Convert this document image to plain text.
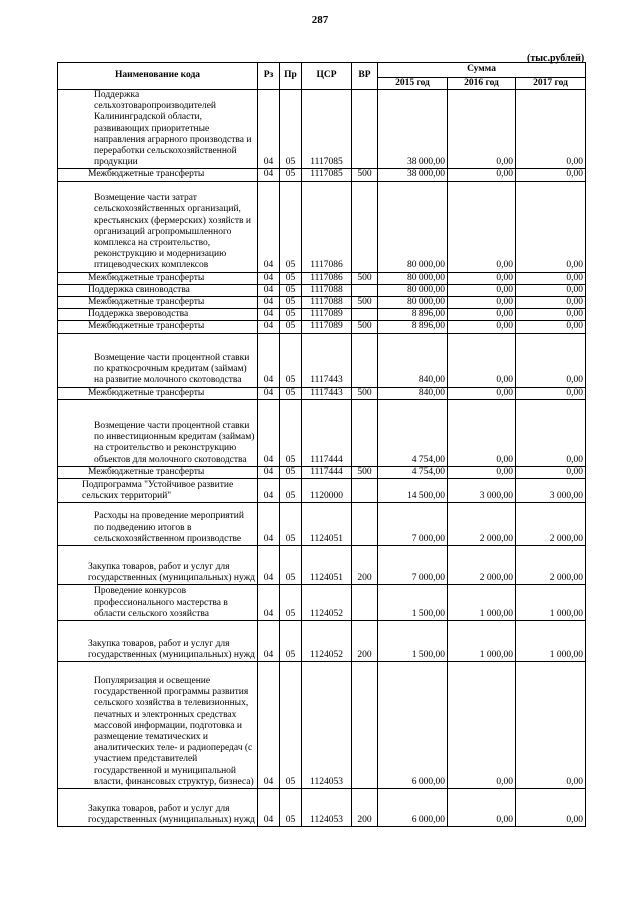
287
(тыс.рублей)
Наименование кода	Рз	Пр	ЦСР	ВР	Сумма		
					2015 год	2016 год	2017 год
Поддержка сельхозтоваропроизводителей Калининградской области, развивающих приоритетные направления аграрного производства и переработки сельскохозяйственной продукции	04	05	1117085		38 000,00	0,00	0,00
Межбюджетные трансферты	04	05	1117085	500	38 000,00	0,00	0,00
Возмещение части затрат сельскохозяйственных организаций, крестьянских (фермерских) хозяйств и организаций агропромышленного комплекса на строительство, реконструкцию и модернизацию птицеводческих комплексов	04	05	1117086		80 000,00	0,00	0,00
Межбюджетные трансферты	04	05	1117086	500	80 000,00	0,00	0,00
Поддержка свиноводства	04	05	1117088		80 000,00	0,00	0,00
Межбюджетные трансферты	04	05	1117088	500	80 000,00	0,00	0,00
Поддержка звероводства	04	05	1117089		8 896,00	0,00	0,00
Межбюджетные трансферты	04	05	1117089	500	8 896,00	0,00	0,00
Возмещение части процентной ставки по краткосрочным кредитам (займам) на развитие молочного скотоводства	04	05	1117443		840,00	0,00	0,00
Межбюджетные трансферты	04	05	1117443	500	840,00	0,00	0,00
Возмещение части процентной ставки по инвестиционным кредитам (займам) на строительство и реконструкцию объектов для молочного скотоводства	04	05	1117444		4 754,00	0,00	0,00
Межбюджетные трансферты	04	05	1117444	500	4 754,00	0,00	0,00
Подпрограмма "Устойчивое развитие сельских территорий"	04	05	1120000		14 500,00	3 000,00	3 000,00
Расходы на проведение мероприятий по подведению итогов в сельскохозяйственном производстве	04	05	1124051		7 000,00	2 000,00	2 000,00
Закупка товаров, работ и услуг для государственных (муниципальных) нужд	04	05	1124051	200	7 000,00	2 000,00	2 000,00
Проведение конкурсов профессионального мастерства в области сельского хозяйства	04	05	1124052		1 500,00	1 000,00	1 000,00
Закупка товаров, работ и услуг для государственных (муниципальных) нужд	04	05	1124052	200	1 500,00	1 000,00	1 000,00
Популяризация и освещение государственной программы развития сельского хозяйства в телевизионных, печатных и электронных средствах массовой информации, подготовка и размещение тематических и аналитических теле- и радиопередач (с участием представителей государственной и муниципальной власти, финансовых структур, бизнеса)	04	05	1124053		6 000,00	0,00	0,00
Закупка товаров, работ и услуг для государственных (муниципальных) нужд	04	05	1124053	200	6 000,00	0,00	0,00
